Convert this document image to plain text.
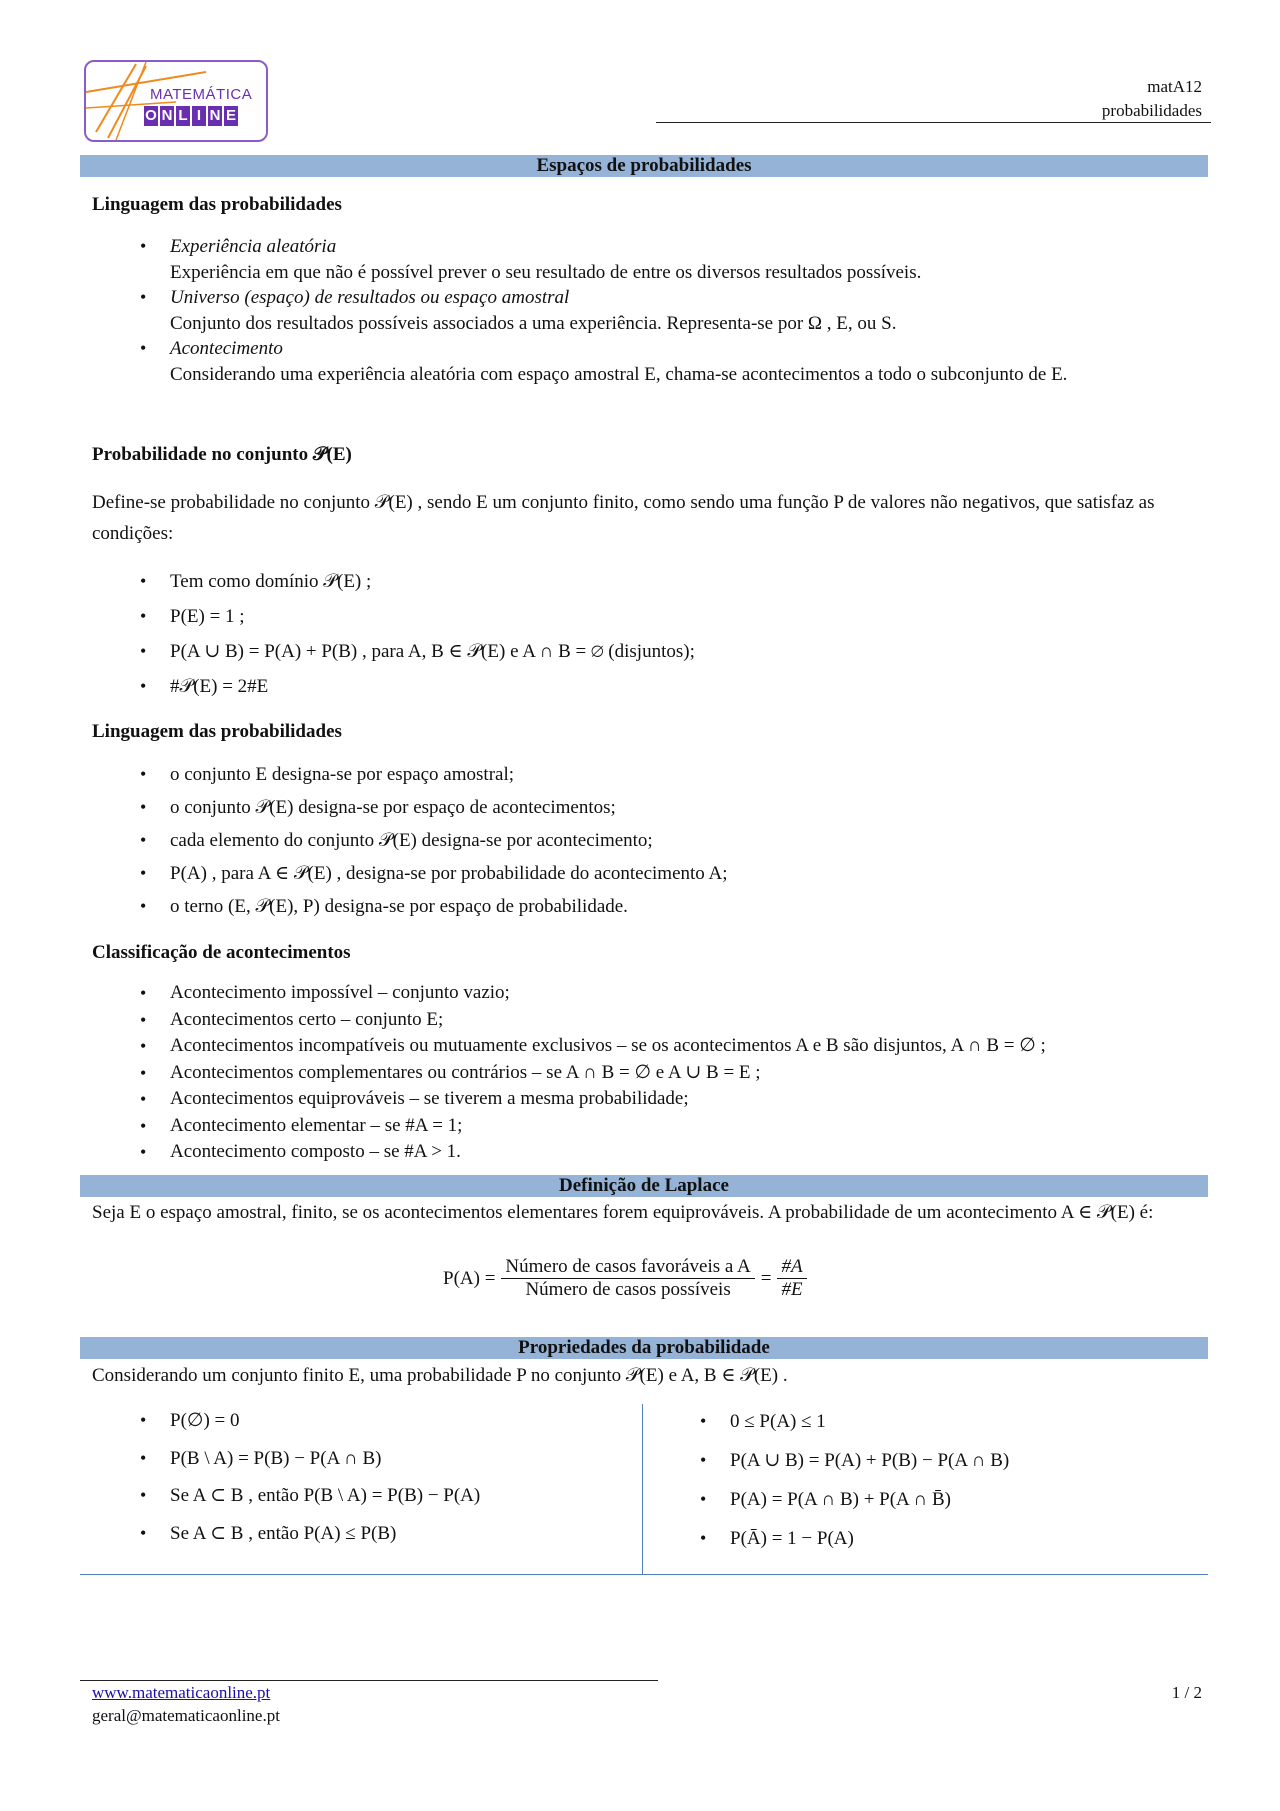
MATEMÁTICA
O N L I N E
matA12
probabilidades
Espaços de probabilidades
Linguagem das probabilidades
• Experiência aleatória
Experiência em que não é possível prever o seu resultado de entre os diversos resultados possíveis.
• Universo (espaço) de resultados ou espaço amostral
Conjunto dos resultados possíveis associados a uma experiência. Representa-se por Ω , E, ou S.
• Acontecimento
Considerando uma experiência aleatória com espaço amostral E, chama-se acontecimentos a todo o subconjunto de E.
Probabilidade no conjunto 𝒫(E)
Define-se probabilidade no conjunto 𝒫(E) , sendo E um conjunto finito, como sendo uma função P de valores não negativos, que satisfaz as condições:
• Tem como domínio 𝒫(E) ;
• P(E) = 1 ;
• P(A ∪ B) = P(A) + P(B) , para A, B ∈ 𝒫(E) e A ∩ B = ∅ (disjuntos);
• #𝒫(E) = 2#E
Linguagem das probabilidades
• o conjunto E designa-se por espaço amostral;
• o conjunto 𝒫(E) designa-se por espaço de acontecimentos;
• cada elemento do conjunto 𝒫(E) designa-se por acontecimento;
• P(A) , para A ∈ 𝒫(E) , designa-se por probabilidade do acontecimento A;
• o terno (E, 𝒫(E), P) designa-se por espaço de probabilidade.
Classificação de acontecimentos
• Acontecimento impossível – conjunto vazio;
• Acontecimentos certo – conjunto E;
• Acontecimentos incompatíveis ou mutuamente exclusivos – se os acontecimentos A e B são disjuntos, A ∩ B = ∅ ;
• Acontecimentos complementares ou contrários – se A ∩ B = ∅ e A ∪ B = E ;
• Acontecimentos equiprováveis – se tiverem a mesma probabilidade;
• Acontecimento elementar – se #A = 1;
• Acontecimento composto – se #A > 1.
Definição de Laplace
Seja E o espaço amostral, finito, se os acontecimentos elementares forem equiprováveis. A probabilidade de um acontecimento A ∈ 𝒫(E) é:
$P(A) = \frac{\text{Número de casos favoráveis a A}}{\text{Número de casos possíveis}} = \frac{\#A}{\#E}$
Propriedades da probabilidade
Considerando um conjunto finito E, uma probabilidade P no conjunto 𝒫(E) e A, B ∈ 𝒫(E) .
• P(∅) = 0
• P(B \ A) = P(B) − P(A ∩ B)
• Se A ⊂ B , então P(B \ A) = P(B) − P(A)
• Se A ⊂ B , então P(A) ≤ P(B)
• 0 ≤ P(A) ≤ 1
• P(A ∪ B) = P(A) + P(B) − P(A ∩ B)
• P(A) = P(A ∩ B) + P(A ∩ B̄)
• P(Ā) = 1 − P(A)
www.matematicaonline.pt
geral@matematicaonline.pt
1 / 2
